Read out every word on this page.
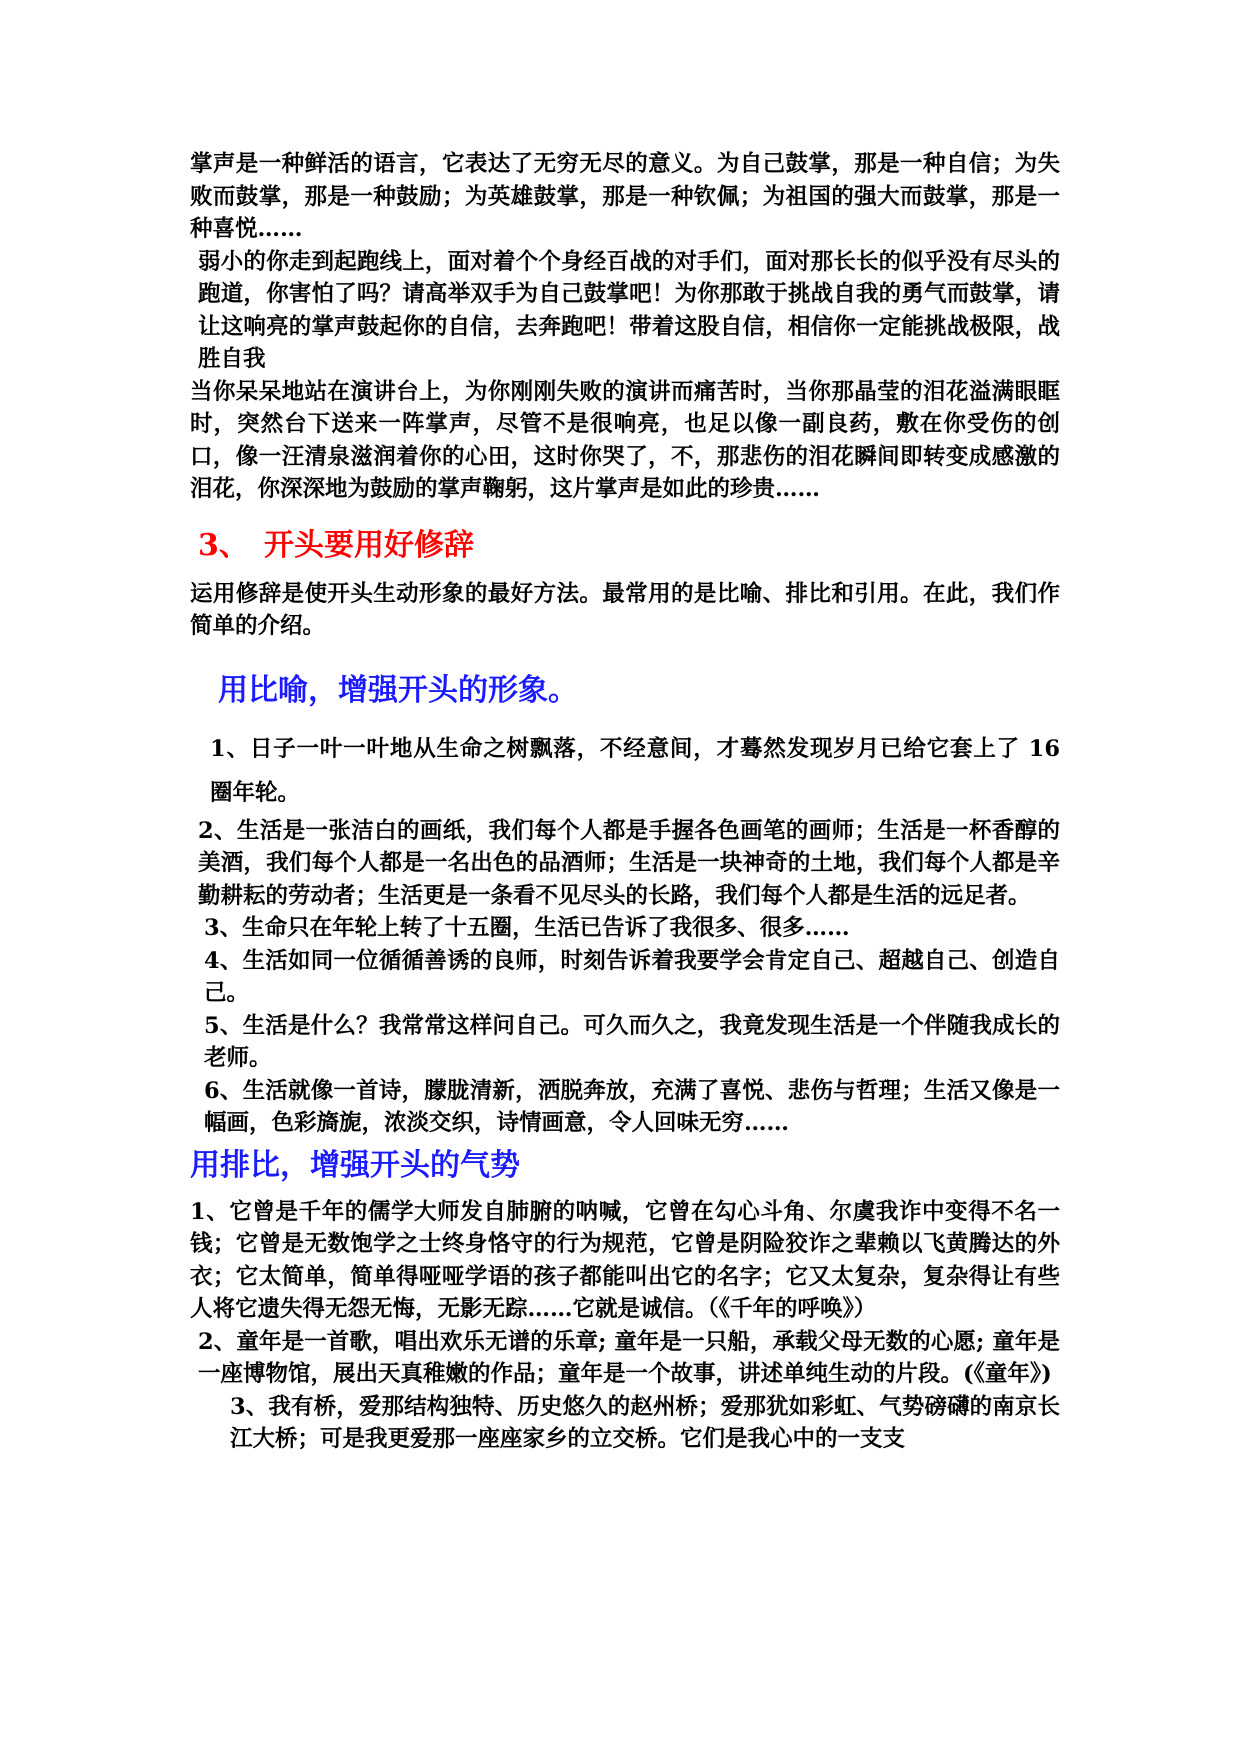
掌声是一种鲜活的语言，它表达了无穷无尽的意义。为自己鼓掌，那是一种自信；为失败而鼓掌，那是一种鼓励；为英雄鼓掌，那是一种钦佩；为祖国的强大而鼓掌，那是一种喜悦……

弱小的你走到起跑线上，面对着个个身经百战的对手们，面对那长长的似乎没有尽头的跑道，你害怕了吗？请高举双手为自己鼓掌吧！为你那敢于挑战自我的勇气而鼓掌，请让这响亮的掌声鼓起你的自信，去奔跑吧！带着这股自信，相信你一定能挑战极限，战胜自我

当你呆呆地站在演讲台上，为你刚刚失败的演讲而痛苦时，当你那晶莹的泪花溢满眼眶时，突然台下送来一阵掌声，尽管不是很响亮，也足以像一副良药，敷在你受伤的创口，像一汪清泉滋润着你的心田，这时你哭了，不，那悲伤的泪花瞬间即转变成感激的泪花，你深深地为鼓励的掌声鞠躬，这片掌声是如此的珍贵……

3、 开头要用好修辞

运用修辞是使开头生动形象的最好方法。最常用的是比喻、排比和引用。在此，我们作简单的介绍。

用比喻，增强开头的形象。

1、日子一叶一叶地从生命之树飘落，不经意间，才蓦然发现岁月已给它套上了 16 圈年轮。

2、生活是一张洁白的画纸，我们每个人都是手握各色画笔的画师；生活是一杯香醇的美酒，我们每个人都是一名出色的品酒师；生活是一块神奇的土地，我们每个人都是辛勤耕耘的劳动者；生活更是一条看不见尽头的长路，我们每个人都是生活的远足者。

3、生命只在年轮上转了十五圈，生活已告诉了我很多、很多……

4、生活如同一位循循善诱的良师，时刻告诉着我要学会肯定自己、超越自己、创造自己。

5、生活是什么？我常常这样问自己。可久而久之，我竟发现生活是一个伴随我成长的老师。

6、生活就像一首诗，朦胧清新，洒脱奔放，充满了喜悦、悲伤与哲理；生活又像是一幅画，色彩旖旎，浓淡交织，诗情画意，令人回味无穷……

用排比，增强开头的气势

1、它曾是千年的儒学大师发自肺腑的呐喊，它曾在勾心斗角、尔虞我诈中变得不名一钱；它曾是无数饱学之士终身恪守的行为规范，它曾是阴险狡诈之辈赖以飞黄腾达的外衣；它太简单，简单得哑哑学语的孩子都能叫出它的名字；它又太复杂，复杂得让有些人将它遗失得无怨无悔，无影无踪……它就是诚信。（《千年的呼唤》）

2、童年是一首歌，唱出欢乐无谱的乐章; 童年是一只船，承载父母无数的心愿; 童年是一座博物馆，展出天真稚嫩的作品；童年是一个故事，讲述单纯生动的片段。(《童年》)

3、我有桥，爱那结构独特、历史悠久的赵州桥；爱那犹如彩虹、气势磅礴的南京长江大桥；可是我更爱那一座座家乡的立交桥。它们是我心中的一支支
